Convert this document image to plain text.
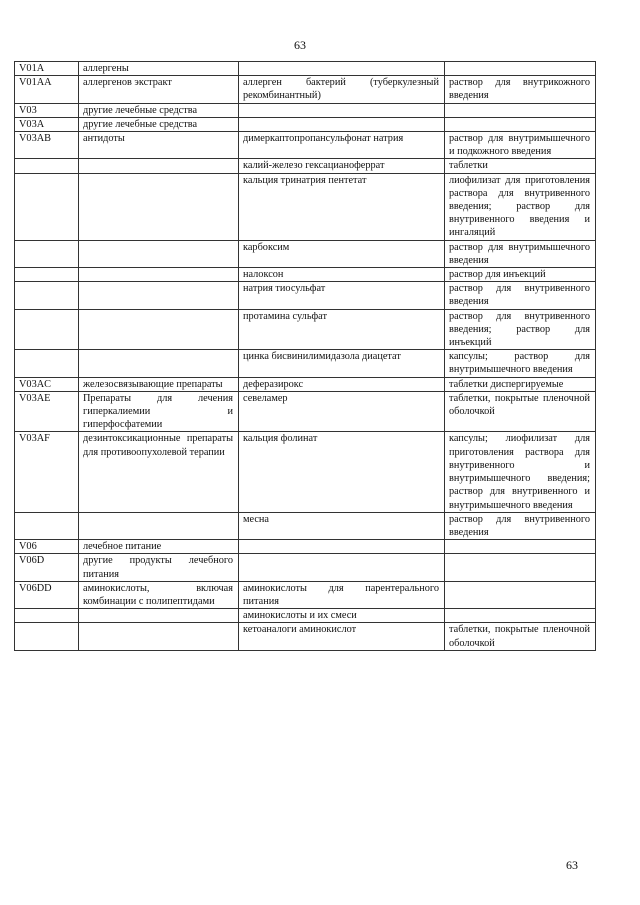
63
V01A	аллергены		
V01AA	аллергенов экстракт	аллерген бактерий (туберкулезный рекомбинантный)	раствор для внутрикожного введения
V03	другие лечебные средства		
V03A	другие лечебные средства		
V03AB	антидоты	димеркаптопропансульфонат натрия	раствор для внутримышечного и подкожного введения
		калий-железо гексацианоферрат	таблетки
		кальция тринатрия пентетат	лиофилизат для приготовления раствора для внутривенного введения; раствор для внутривенного введения и ингаляций
		карбоксим	раствор для внутримышечного введения
		налоксон	раствор для инъекций
		натрия тиосульфат	раствор для внутривенного введения
		протамина сульфат	раствор для внутривенного введения; раствор для инъекций
		цинка бисвинилимидазола диацетат	капсулы; раствор для внутримышечного введения
V03AC	железосвязывающие препараты	деферазирокс	таблетки диспергируемые
V03AE	Препараты для лечения гиперкалиемии и гиперфосфатемии	севеламер	таблетки, покрытые пленочной оболочкой
V03AF	дезинтоксикационные препараты для противоопухолевой терапии	кальция фолинат	капсулы; лиофилизат для приготовления раствора для внутривенного и внутримышечного введения; раствор для внутривенного и внутримышечного введения
		месна	раствор для внутривенного введения
V06	лечебное питание		
V06D	другие продукты лечебного питания		
V06DD	аминокислоты, включая комбинации с полипептидами	аминокислоты для парентерального питания	
		аминокислоты и их смеси	
		кетоаналоги аминокислот	таблетки, покрытые пленочной оболочкой
63
